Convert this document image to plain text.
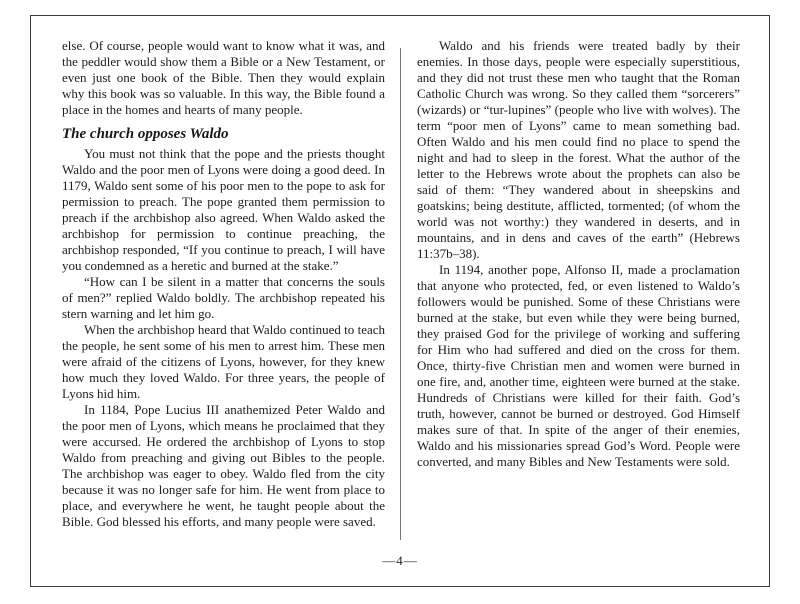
else. Of course, people would want to know what it was, and the peddler would show them a Bible or a New Testament, or even just one book of the Bible. Then they would explain why this book was so valuable. In this way, the Bible found a place in the homes and hearts of many people.

The church opposes Waldo

You must not think that the pope and the priests thought Waldo and the poor men of Lyons were doing a good deed. In 1179, Waldo sent some of his poor men to the pope to ask for permission to preach. The pope granted them permission to preach if the archbishop also agreed. When Waldo asked the archbishop for permission to continue preaching, the archbishop responded, “If you continue to preach, I will have you condemned as a heretic and burned at the stake.”

“How can I be silent in a matter that concerns the souls of men?” replied Waldo boldly. The archbishop repeated his stern warning and let him go.

When the archbishop heard that Waldo continued to teach the people, he sent some of his men to arrest him. These men were afraid of the citizens of Lyons, however, for they knew how much they loved Waldo. For three years, the people of Lyons hid him.

In 1184, Pope Lucius III anathemized Peter Waldo and the poor men of Lyons, which means he proclaimed that they were accursed. He ordered the archbishop of Lyons to stop Waldo from preaching and giving out Bibles to the people. The archbishop was eager to obey. Waldo fled from the city because it was no longer safe for him. He went from place to place, and everywhere he went, he taught people about the Bible. God blessed his efforts, and many people were saved.

Waldo and his friends were treated badly by their enemies. In those days, people were especially superstitious, and they did not trust these men who taught that the Roman Catholic Church was wrong. So they called them “sorcerers” (wizards) or “tur-lupines” (people who live with wolves). The term “poor men of Lyons” came to mean something bad. Often Waldo and his men could find no place to spend the night and had to sleep in the forest. What the author of the letter to the Hebrews wrote about the prophets can also be said of them: “They wandered about in sheepskins and goatskins; being destitute, afflicted, tormented; (of whom the world was not worthy:) they wandered in deserts, and in mountains, and in dens and caves of the earth” (Hebrews 11:37b–38).

In 1194, another pope, Alfonso II, made a proclamation that anyone who protected, fed, or even listened to Waldo’s followers would be punished. Some of these Christians were burned at the stake, but even while they were being burned, they praised God for the privilege of working and suffering for Him who had suffered and died on the cross for them. Once, thirty-five Christian men and women were burned in one fire, and, another time, eighteen were burned at the stake. Hundreds of Christians were killed for their faith. God’s truth, however, cannot be burned or destroyed. God Himself makes sure of that. In spite of the anger of their enemies, Waldo and his missionaries spread God’s Word. People were converted, and many Bibles and New Testaments were sold.

—4—
